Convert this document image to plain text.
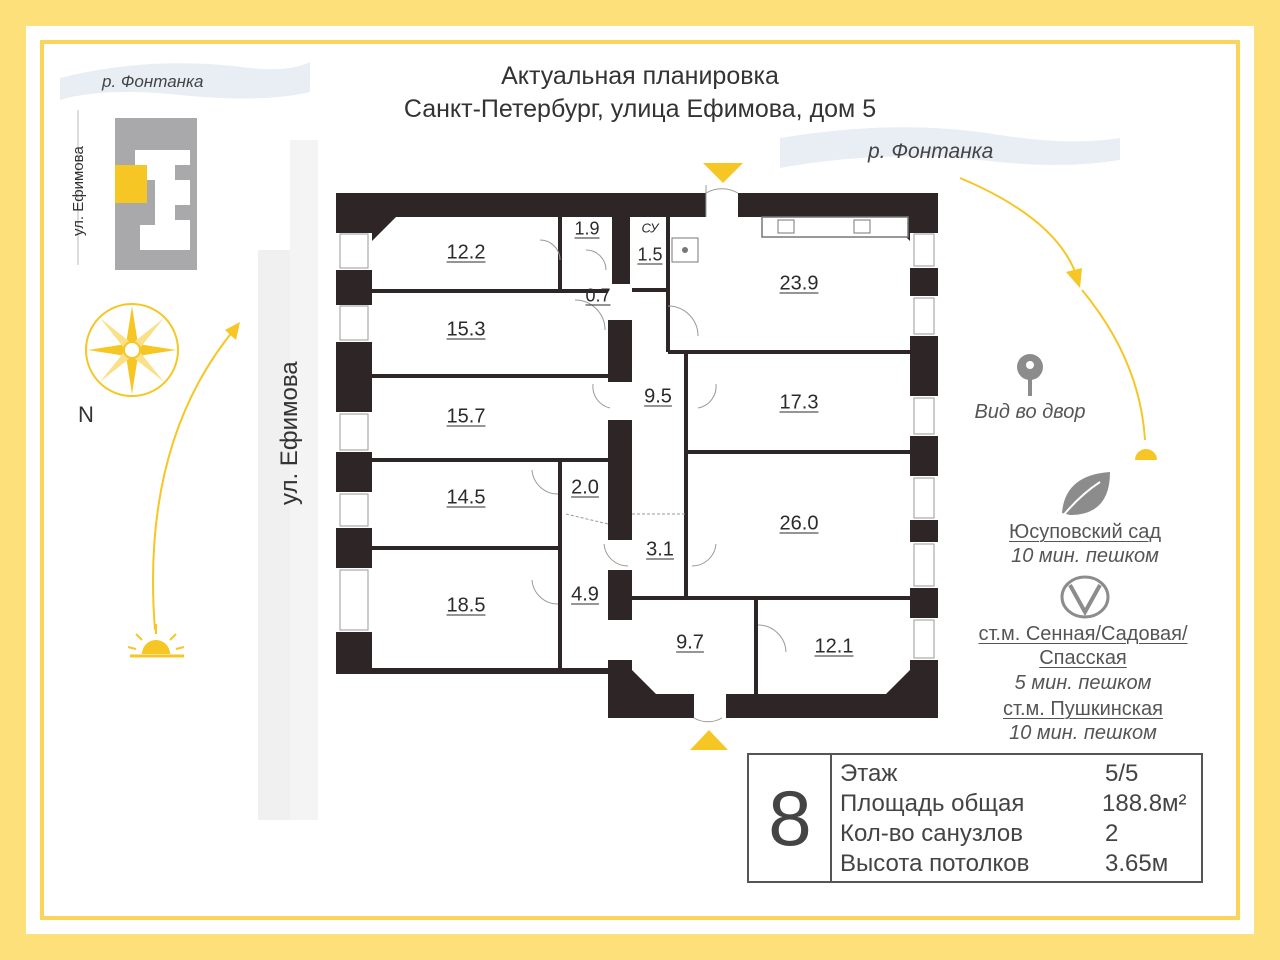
Актуальная планировка
Санкт-Петербург, улица Ефимова, дом 5
р. Фонтанка
ул. Ефимова	р. Фонтанка
ул. Ефимова
N
12.2
1.9	СУ
1.5
0.7
23.9
15.3
9.5	17.3
15.7
14.5	2.0
26.0
3.1
18.5	4.9
9.7	12.1
Вид во двор
Юсуповский сад
10 мин. пешком
ст.м. Сенная/Садовая/
Спасская
5 мин. пешком
ст.м. Пушкинская
10 мин. пешком
8
Этаж	5/5
Площадь общая	188.8м²
Кол-во санузлов	2
Высота потолков	3.65м
